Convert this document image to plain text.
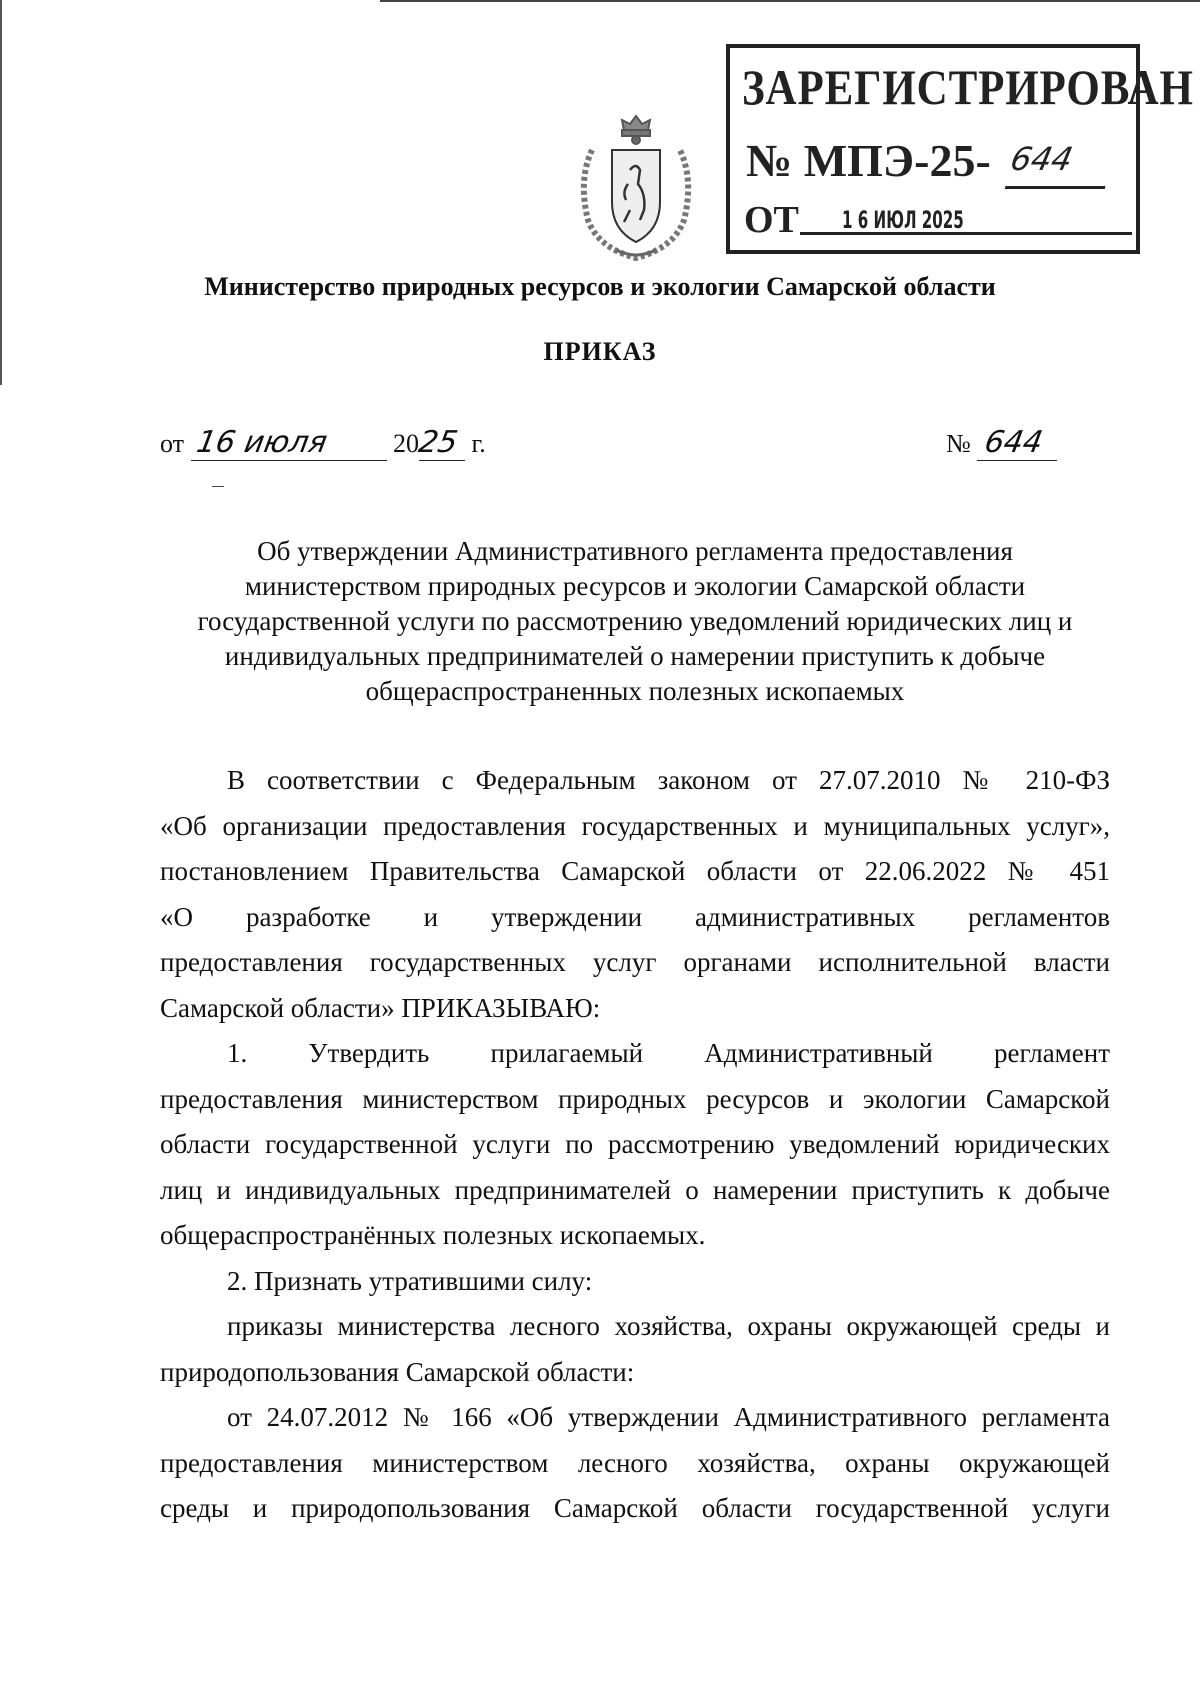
ЗАРЕГИСТРИРОВАН
№ МПЭ-25- 644
ОТ 1 6 ИЮЛ 2025
Министерство природных ресурсов и экологии Самарской области
ПРИКАЗ
от 16 июля 2025 г.	№ 644
Об утверждении Административного регламента предоставления
министерством природных ресурсов и экологии Самарской области
государственной услуги по рассмотрению уведомлений юридических лиц и
индивидуальных предпринимателей о намерении приступить к добыче
общераспространенных полезных ископаемых
В соответствии с Федеральным законом от 27.07.2010 № 210-ФЗ
«Об организации предоставления государственных и муниципальных услуг»,
постановлением Правительства Самарской области от 22.06.2022 № 451
«О разработке и утверждении административных регламентов
предоставления государственных услуг органами исполнительной власти
Самарской области» ПРИКАЗЫВАЮ:
1. Утвердить прилагаемый Административный регламент
предоставления министерством природных ресурсов и экологии Самарской
области государственной услуги по рассмотрению уведомлений юридических
лиц и индивидуальных предпринимателей о намерении приступить к добыче
общераспространённых полезных ископаемых.
2. Признать утратившими силу:
приказы министерства лесного хозяйства, охраны окружающей среды и
природопользования Самарской области:
от 24.07.2012 № 166 «Об утверждении Административного регламента
предоставления министерством лесного хозяйства, охраны окружающей
среды и природопользования Самарской области государственной услуги
